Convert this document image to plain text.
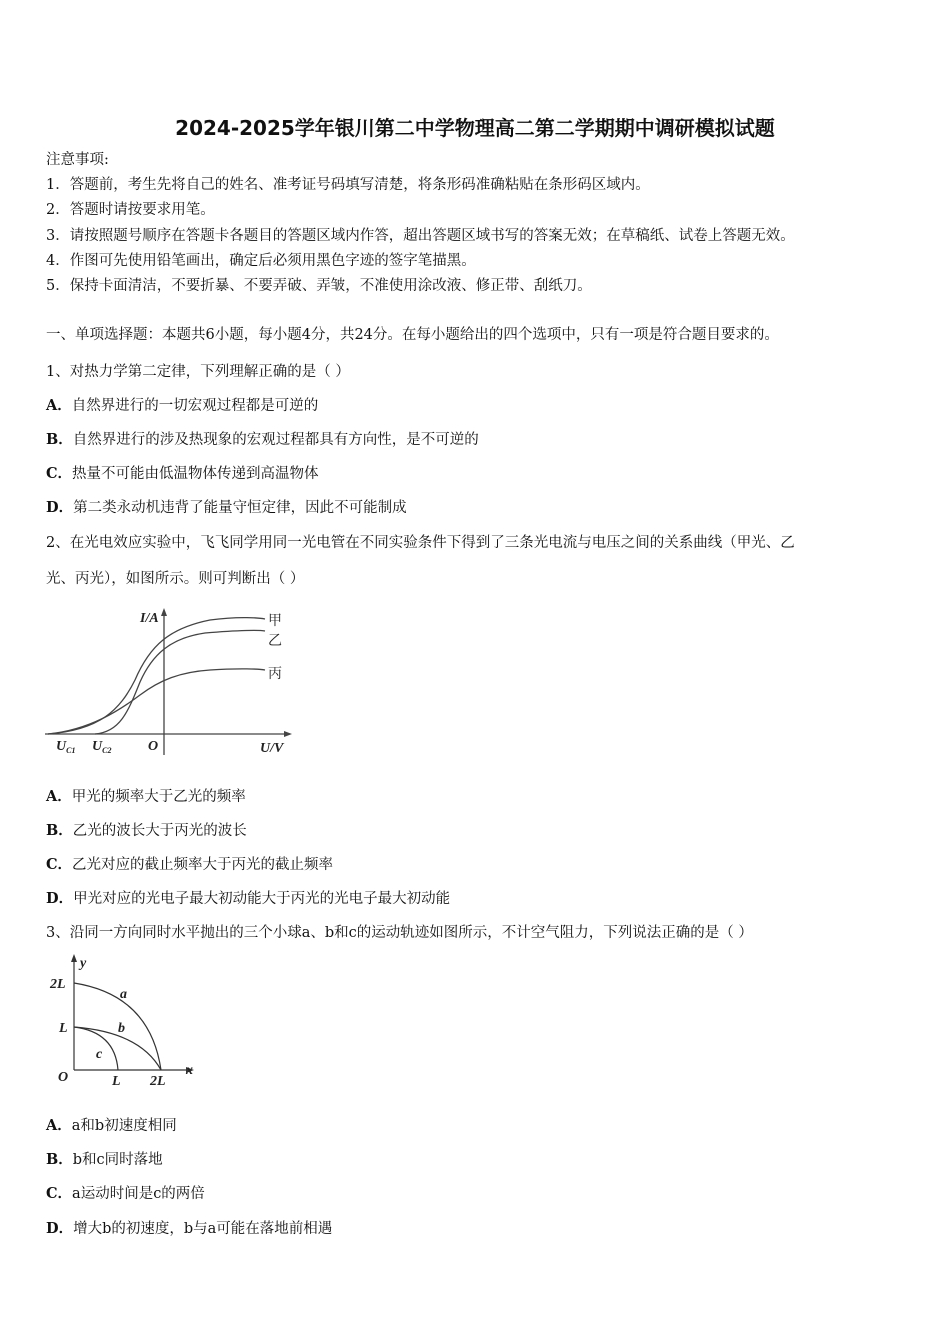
2024-2025学年银川第二中学物理高二第二学期期中调研模拟试题
注意事项:
1．答题前，考生先将自己的姓名、准考证号码填写清楚，将条形码准确粘贴在条形码区域内。
2．答题时请按要求用笔。
3．请按照题号顺序在答题卡各题目的答题区域内作答，超出答题区域书写的答案无效；在草稿纸、试卷上答题无效。
4．作图可先使用铅笔画出，确定后必须用黑色字迹的签字笔描黑。
5．保持卡面清洁，不要折暴、不要弄破、弄皱，不准使用涂改液、修正带、刮纸刀。
一、单项选择题：本题共6小题，每小题4分，共24分。在每小题给出的四个选项中，只有一项是符合题目要求的。
1、对热力学第二定律，下列理解正确的是（ ）
A．自然界进行的一切宏观过程都是可逆的
B．自然界进行的涉及热现象的宏观过程都具有方向性，是不可逆的
C．热量不可能由低温物体传递到高温物体
D．第二类永动机违背了能量守恒定律，因此不可能制成
2、在光电效应实验中，飞飞同学用同一光电管在不同实验条件下得到了三条光电流与电压之间的关系曲线（甲光、乙
光、丙光），如图所示。则可判断出（ ）
I/A
U/V
O
$U_{C1}$ $U_{C2}$
甲
乙
丙
A．甲光的频率大于乙光的频率
B．乙光的波长大于丙光的波长
C．乙光对应的截止频率大于丙光的截止频率
D．甲光对应的光电子最大初动能大于丙光的光电子最大初动能
3、沿同一方向同时水平抛出的三个小球a、b和c的运动轨迹如图所示，不计空气阻力，下列说法正确的是（ ）
y
x
O
2L
L
L 2L
a
b
c
A．a和b初速度相同
B．b和c同时落地
C．a运动时间是c的两倍
D．增大b的初速度，b与a可能在落地前相遇
